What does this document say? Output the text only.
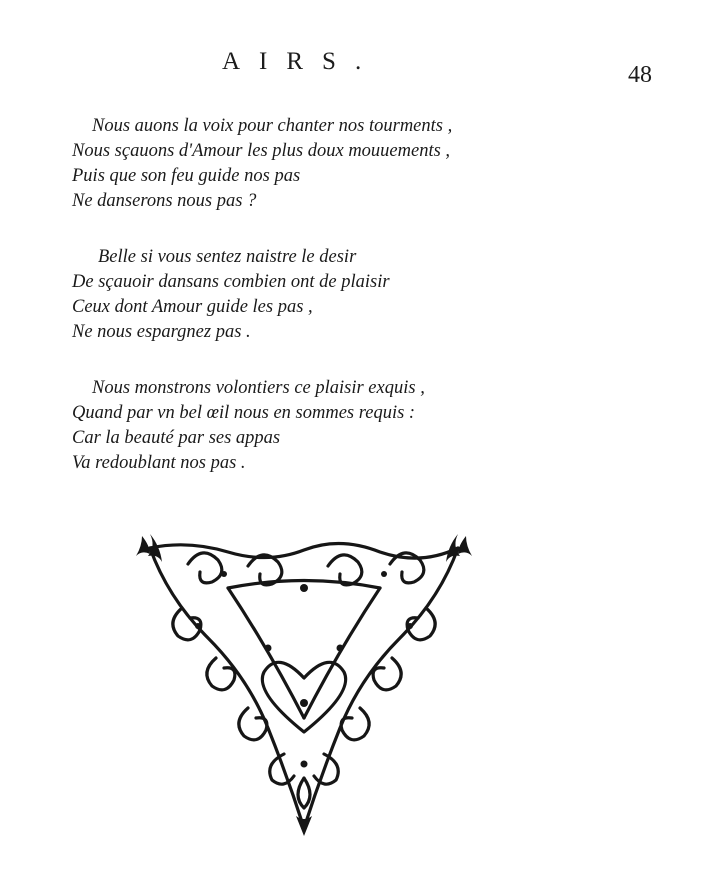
AIRS.	48
Nous auons la voix pour chanter nos tourments ,
Nous sçauons d'Amour les plus doux mouuements ,
Puis que son feu guide nos pas
Ne danserons nous pas ?
Belle si vous sentez naistre le desir
De sçauoir dansans combien ont de plaisir
Ceux dont Amour guide les pas ,
Ne nous espargnez pas .
Nous monstrons volontiers ce plaisir exquis ,
Quand par vn bel œil nous en sommes requis :
Car la beauté par ses appas
Va redoublant nos pas .
